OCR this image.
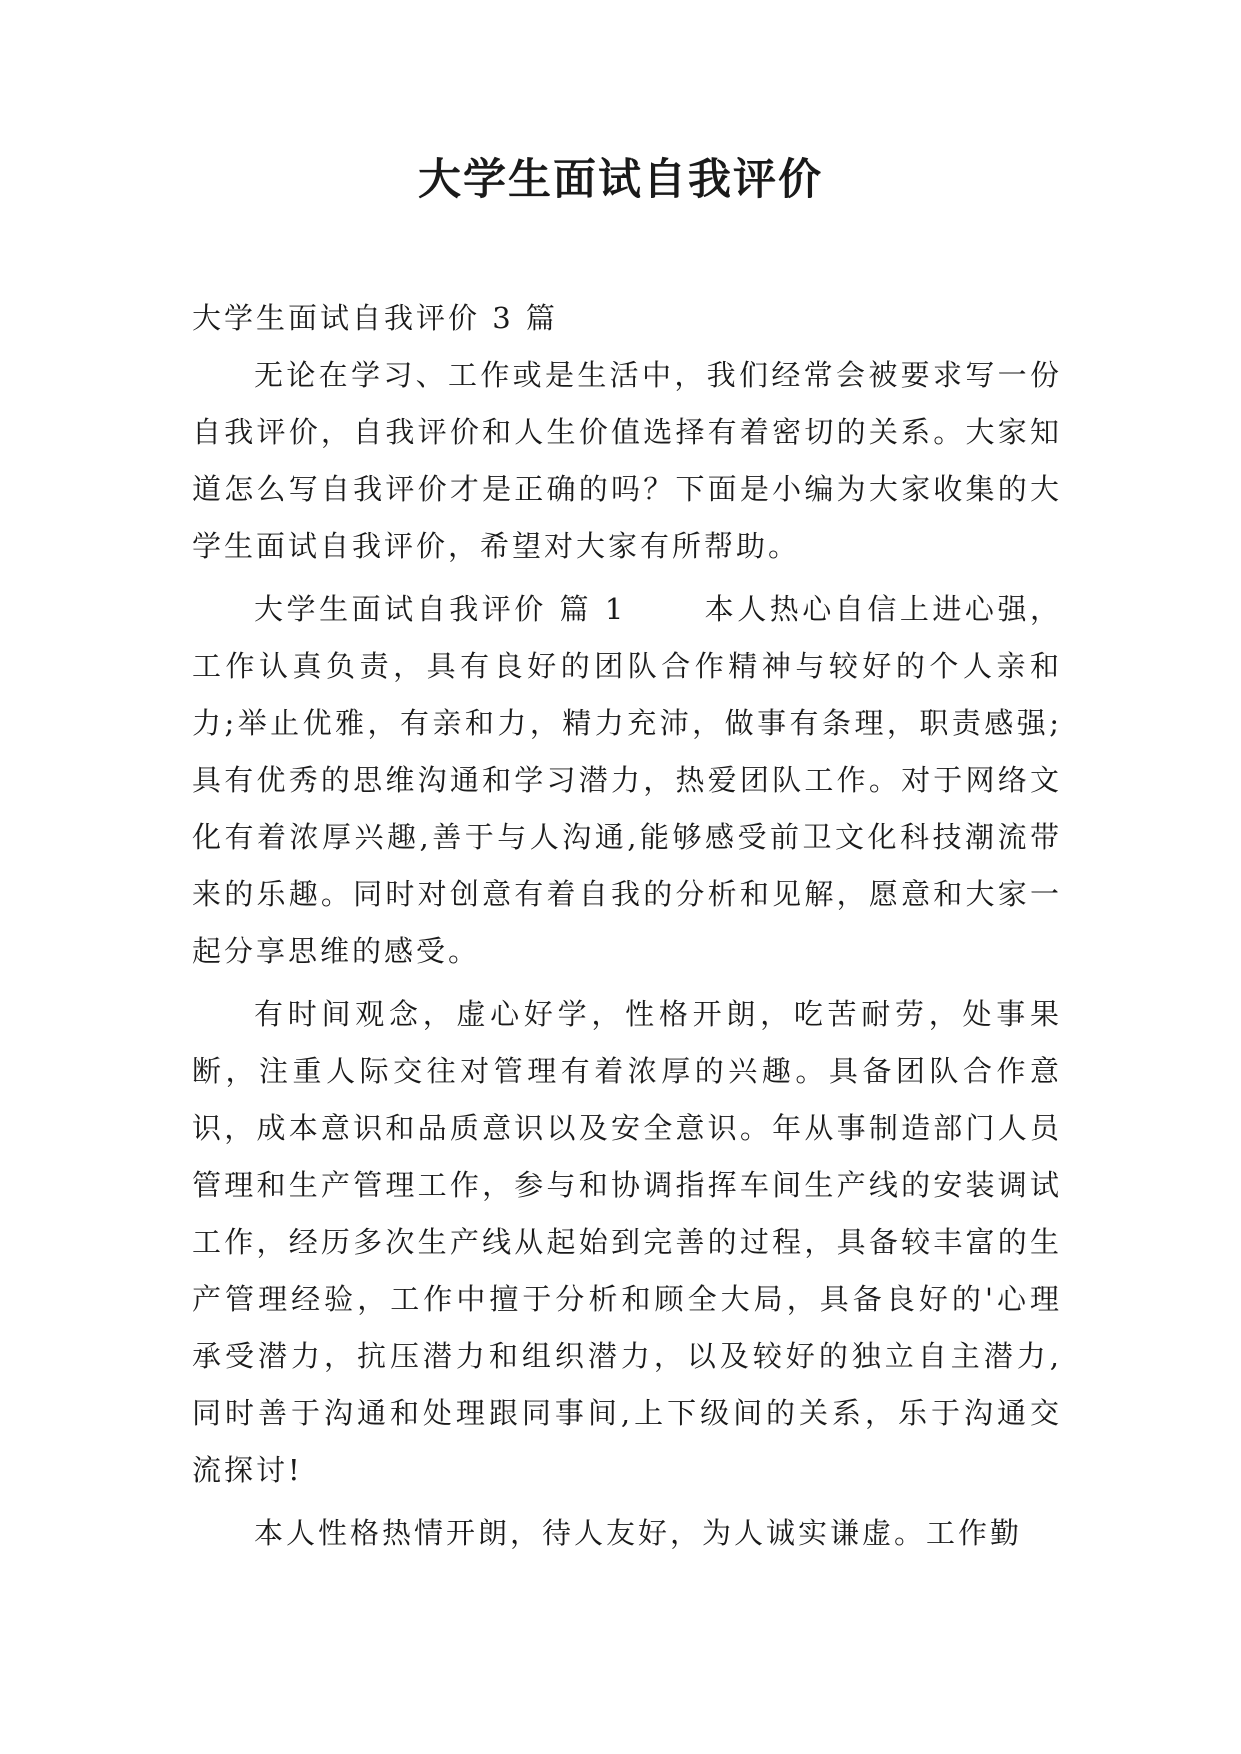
大学生面试自我评价

大学生面试自我评价 3 篇

无论在学习、工作或是生活中，我们经常会被要求写一份自我评价，自我评价和人生价值选择有着密切的关系。大家知道怎么写自我评价才是正确的吗？下面是小编为大家收集的大学生面试自我评价，希望对大家有所帮助。

大学生面试自我评价 篇 1　　 本人热心自信上进心强，工作认真负责，具有良好的团队合作精神与较好的个人亲和力;举止优雅，有亲和力，精力充沛，做事有条理，职责感强;具有优秀的思维沟通和学习潜力，热爱团队工作。对于网络文化有着浓厚兴趣,善于与人沟通,能够感受前卫文化科技潮流带来的乐趣。同时对创意有着自我的分析和见解，愿意和大家一起分享思维的感受。

有时间观念，虚心好学，性格开朗，吃苦耐劳，处事果断，注重人际交往对管理有着浓厚的兴趣。具备团队合作意识，成本意识和品质意识以及安全意识。年从事制造部门人员管理和生产管理工作，参与和协调指挥车间生产线的安装调试工作，经历多次生产线从起始到完善的过程，具备较丰富的生产管理经验，工作中擅于分析和顾全大局，具备良好的'心理承受潜力，抗压潜力和组织潜力，以及较好的独立自主潜力,同时善于沟通和处理跟同事间,上下级间的关系，乐于沟通交流探讨!

本人性格热情开朗，待人友好，为人诚实谦虚。工作勤
